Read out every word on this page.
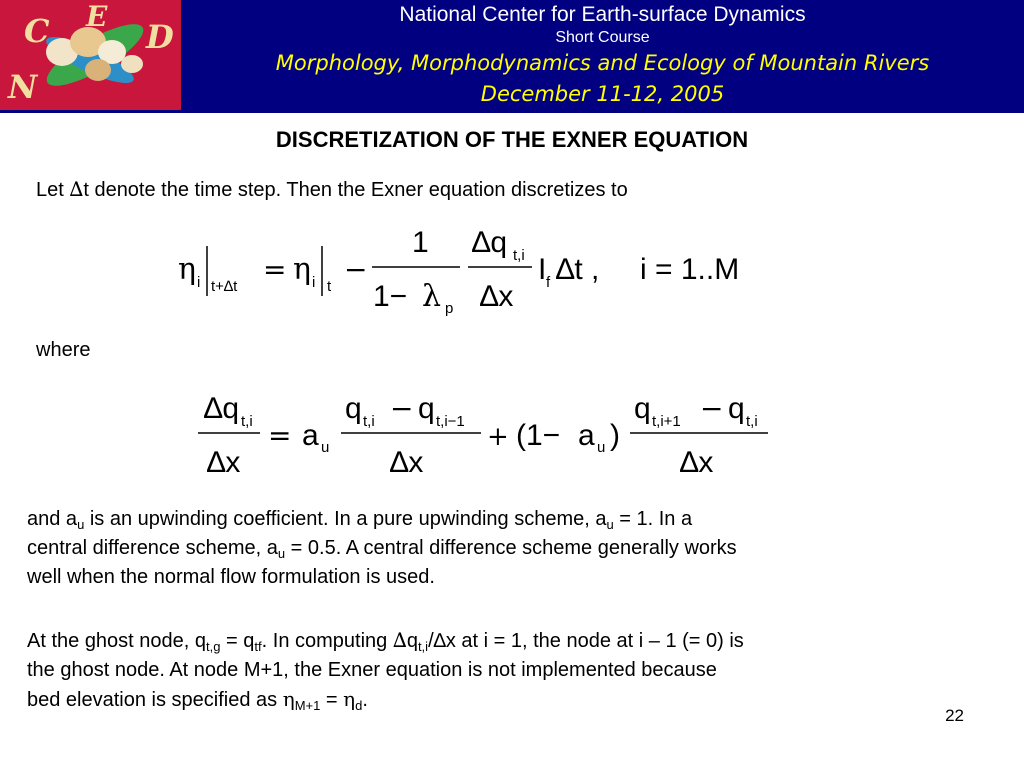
C E
D
N
National Center for Earth-surface Dynamics
Short Course
Morphology, Morphodynamics and Ecology of Mountain Rivers
December 11-12, 2005
DISCRETIZATION OF THE EXNER EQUATION
Let ∆t denote the time step. Then the Exner equation discretizes to
η i t+∆t
= η i t
−
1
1− λ p
∆q t,i
∆x
I f ∆t , i = 1..M
where
∆q t,i
∆x
= a u
q t,i − q t,i−1
∆x
+ (1− a u )
q t,i+1 − q t,i
∆x
and $a_u$ is an upwinding coefficient. In a pure upwinding scheme, $a_u = 1$. In a
central difference scheme, $a_u = 0.5$. A central difference scheme generally works
well when the normal flow formulation is used.
At the ghost node, $q_{t,g} = q_{tf}$. In computing $\Delta q_{t,i}/\Delta x$ at i = 1, the node at i – 1 (= 0) is
the ghost node. At node M+1, the Exner equation is not implemented because
bed elevation is specified as $\eta_{M+1} = \eta_d$.
22
